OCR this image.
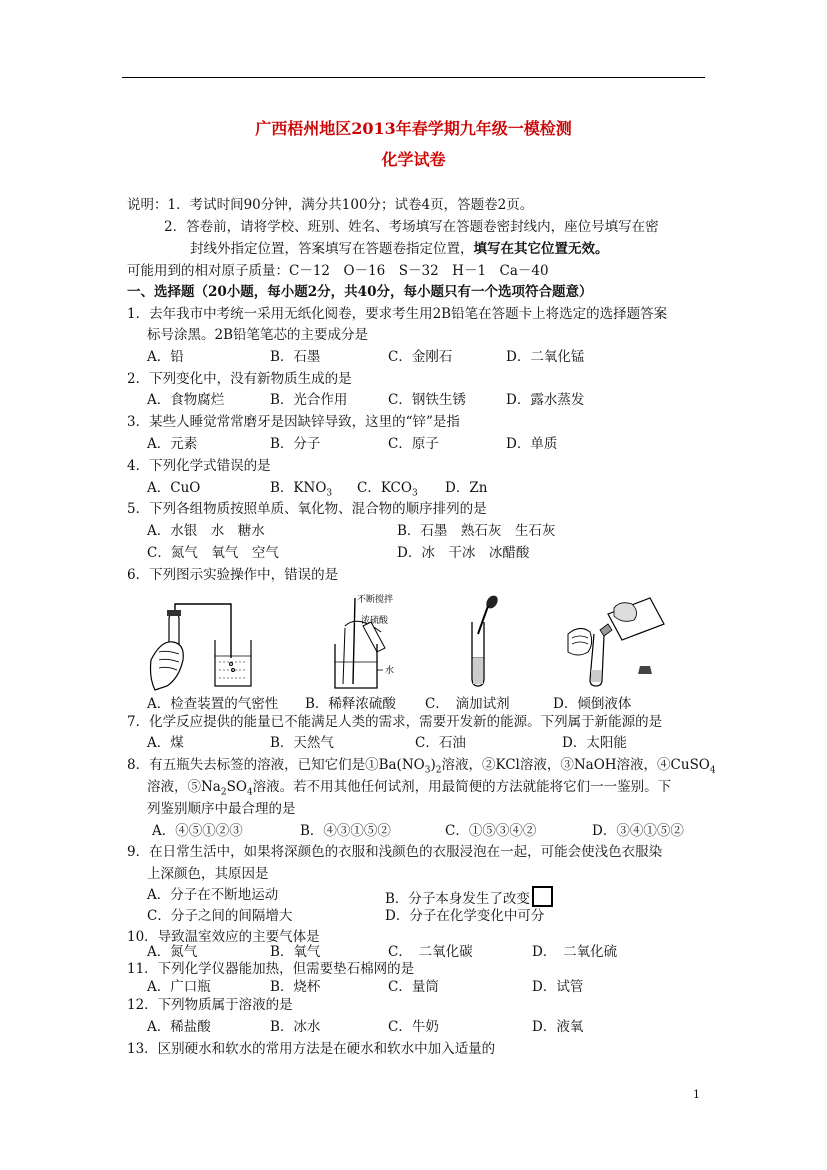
广西梧州地区2013年春学期九年级一模检测
化学试卷
说明：1．考试时间90分钟，满分共100分；试卷4页，答题卷2页。
2．答卷前，请将学校、班别、姓名、考场填写在答题卷密封线内，座位号填写在密
封线外指定位置，答案填写在答题卷指定位置，填写在其它位置无效。
可能用到的相对原子质量：C－12　O－16　S－32　H－1　Ca－40
一、选择题（20小题，每小题2分，共40分，每小题只有一个选项符合题意）
1．去年我市中考统一采用无纸化阅卷，要求考生用2B铅笔在答题卡上将选定的选择题答案
标号涂黑。2B铅笔笔芯的主要成分是
A．铅	B．石墨	C．金刚石	D．二氧化锰
2．下列变化中，没有新物质生成的是
A．食物腐烂	B．光合作用	C．钢铁生锈	D．露水蒸发
3．某些人睡觉常常磨牙是因缺锌导致，这里的“锌”是指
A．元素	B．分子	C．原子	D．单质
4．下列化学式错误的是
A．CuO	B．$KNO_3$ C．$KCO_3$ D．Zn
5．下列各组物质按照单质、氧化物、混合物的顺序排列的是
A．水银　水　糖水	B．石墨　熟石灰　生石灰
C．氮气　氧气　空气	D．冰　干冰　冰醋酸
6．下列图示实验操作中，错误的是
不断搅拌
浓硫酸
水
A．检查装置的气密性 B．稀释浓硫酸 C．　滴加试剂	D．倾倒液体
7．化学反应提供的能量已不能满足人类的需求，需要开发新的能源。下列属于新能源的是
A．煤	B．天然气	C．石油	D．太阳能
8．有五瓶失去标签的溶液，已知它们是$①Ba(NO_3)_2$溶液，②KCl溶液，③NaOH溶液，④CuSO$_4$
溶液，$⑤Na_2SO_4$溶液。若不用其他任何试剂，用最简便的方法就能将它们一一鉴别。下
列鉴别顺序中最合理的是
A．④⑤①②③	B．④③①⑤②	C．①⑤③④②	D．③④①⑤②
9．在日常生活中，如果将深颜色的衣服和浅颜色的衣服浸泡在一起，可能会使浅色衣服染
上深颜色，其原因是
A．分子在不断地运动	B．分子本身发生了改变
C．分子之间的间隔增大	D．分子在化学变化中可分
10．导致温室效应的主要气体是
A．氮气	B．氧气	C．　二氧化碳	D．　二氧化硫
11．下列化学仪器能加热，但需要垫石棉网的是
A．广口瓶	B．烧杯	C．量筒	D．试管
12．下列物质属于溶液的是
A．稀盐酸	B．冰水	C．牛奶	D．液氧
13．区别硬水和软水的常用方法是在硬水和软水中加入适量的
1
